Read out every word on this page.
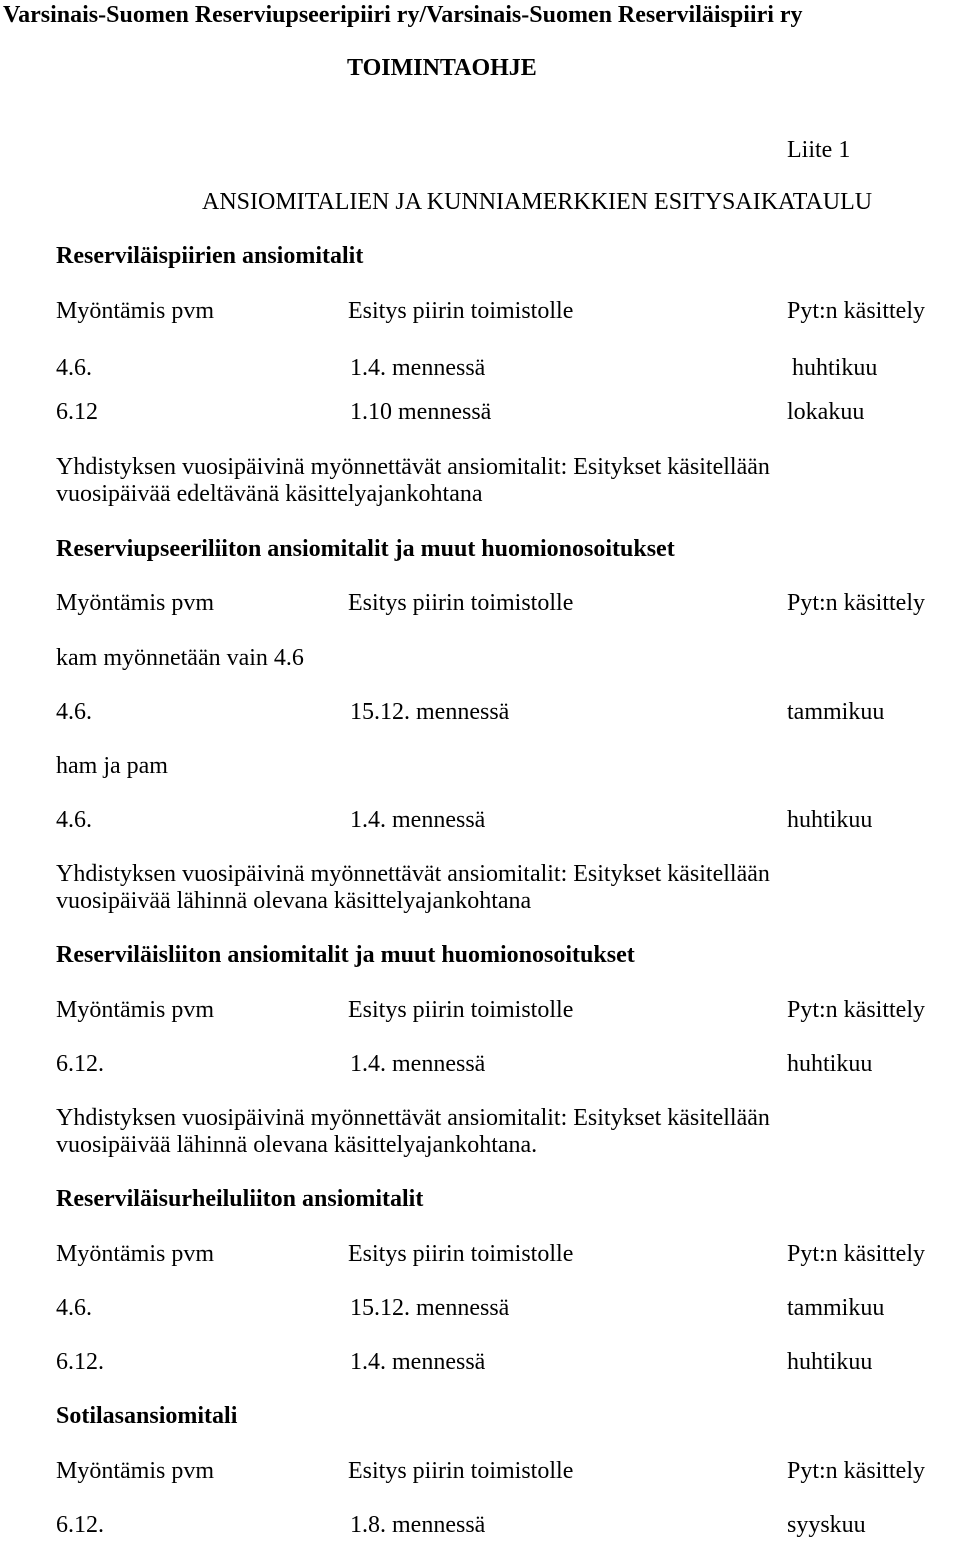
Varsinais-Suomen Reserviupseeripiiri ry/Varsinais-Suomen Reserviläispiiri ry
TOIMINTAOHJE
Liite 1
ANSIOMITALIEN JA KUNNIAMERKKIEN ESITYSAIKATAULU
Reserviläispiirien ansiomitalit
Myöntämis pvm	Esitys piirin toimistolle	Pyt:n käsittely
4.6.	1.4. mennessä	huhtikuu
6.12	1.10 mennessä	lokakuu
Yhdistyksen vuosipäivinä myönnettävät ansiomitalit: Esitykset käsitellään
vuosipäivää edeltävänä käsittelyajankohtana
Reserviupseeriliiton ansiomitalit ja muut huomionosoitukset
Myöntämis pvm	Esitys piirin toimistolle	Pyt:n käsittely
kam myönnetään vain 4.6
4.6.	15.12. mennessä	tammikuu
ham ja pam
4.6.	1.4. mennessä	huhtikuu
Yhdistyksen vuosipäivinä myönnettävät ansiomitalit: Esitykset käsitellään
vuosipäivää lähinnä olevana käsittelyajankohtana
Reserviläisliiton ansiomitalit ja muut huomionosoitukset
Myöntämis pvm	Esitys piirin toimistolle	Pyt:n käsittely
6.12.	1.4. mennessä	huhtikuu
Yhdistyksen vuosipäivinä myönnettävät ansiomitalit: Esitykset käsitellään
vuosipäivää lähinnä olevana käsittelyajankohtana.
Reserviläisurheiluliiton ansiomitalit
Myöntämis pvm	Esitys piirin toimistolle	Pyt:n käsittely
4.6.	15.12. mennessä	tammikuu
6.12.	1.4. mennessä	huhtikuu
Sotilasansiomitali
Myöntämis pvm	Esitys piirin toimistolle	Pyt:n käsittely
6.12.	1.8. mennessä	syyskuu
